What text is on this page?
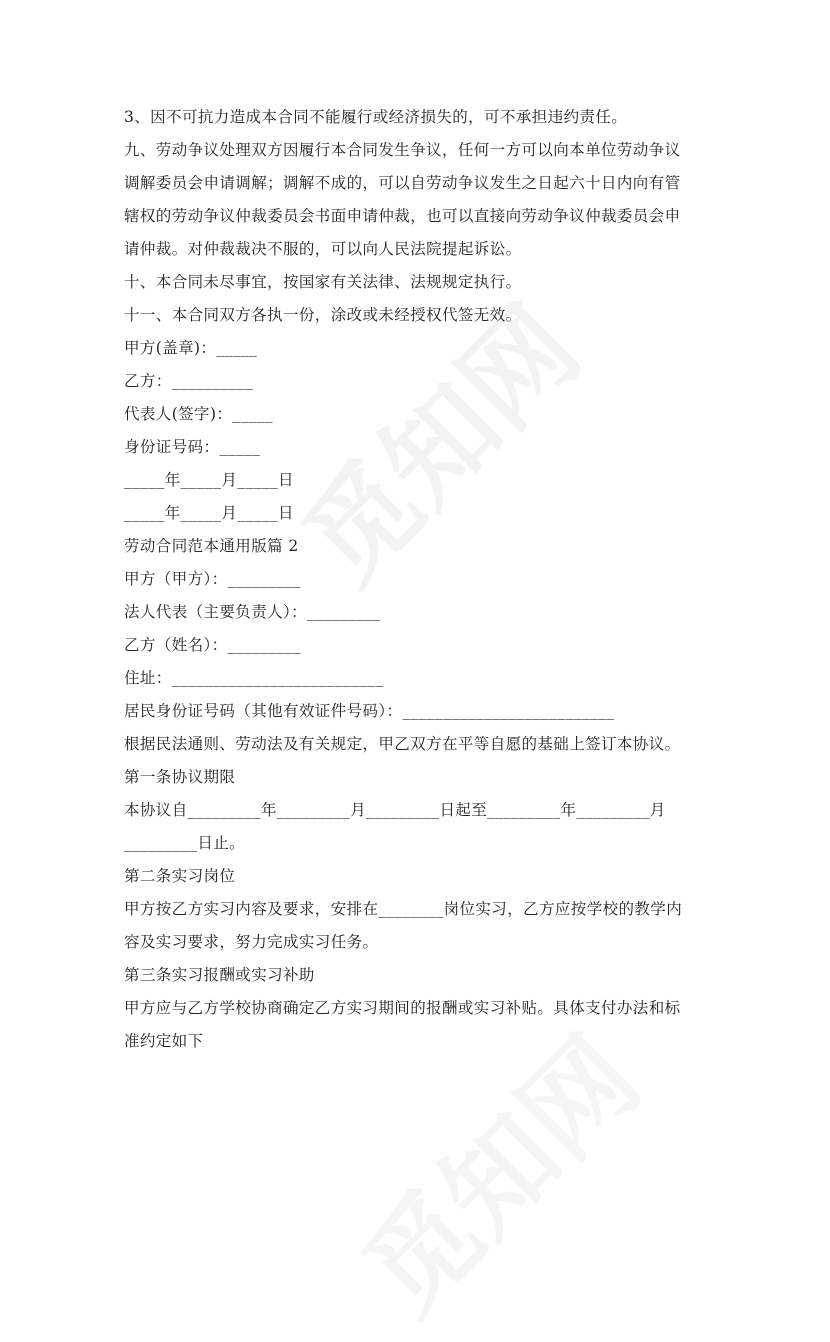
3、因不可抗力造成本合同不能履行或经济损失的，可不承担违约责任。
九、劳动争议处理双方因履行本合同发生争议，任何一方可以向本单位劳动争议
调解委员会申请调解；调解不成的，可以自劳动争议发生之日起六十日内向有管
辖权的劳动争议仲裁委员会书面申请仲裁，也可以直接向劳动争议仲裁委员会申
请仲裁。对仲裁裁决不服的，可以向人民法院提起诉讼。
十、本合同未尽事宜，按国家有关法律、法规规定执行。
十一、本合同双方各执一份，涂改或未经授权代签无效。
甲方(盖章)：_____
乙方：__________
代表人(签字)：_____
身份证号码：_____
_____年_____月_____日
_____年_____月_____日
劳动合同范本通用版篇 2
甲方（甲方）：_________
法人代表（主要负责人）：_________
乙方（姓名）：_________
住址：__________________________
居民身份证号码（其他有效证件号码）：__________________________
根据民法通则、劳动法及有关规定，甲乙双方在平等自愿的基础上签订本协议。
第一条协议期限
本协议自_________年_________月_________日起至_________年_________月
_________日止。
第二条实习岗位
甲方按乙方实习内容及要求，安排在________岗位实习，乙方应按学校的教学内
容及实习要求，努力完成实习任务。
第三条实习报酬或实习补助
甲方应与乙方学校协商确定乙方实习期间的报酬或实习补贴。具体支付办法和标
准约定如下
